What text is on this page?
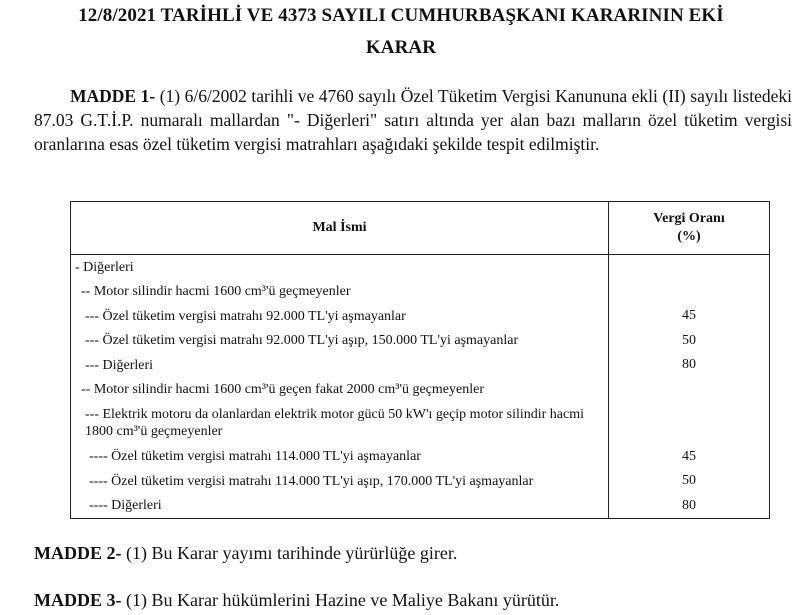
12/8/2021 TARİHLİ VE 4373 SAYILI CUMHURBAŞKANI KARARININ EKİ
KARAR
MADDE 1- (1) 6/6/2002 tarihli ve 4760 sayılı Özel Tüketim Vergisi Kanununa ekli (II) sayılı listedeki 87.03 G.T.İ.P. numaralı mallardan "- Diğerleri" satırı altında yer alan bazı malların özel tüketim vergisi oranlarına esas özel tüketim vergisi matrahları aşağıdaki şekilde tespit edilmiştir.
Mal İsmi	Vergi Oranı
(%)
- Diğerleri	
-- Motor silindir hacmi 1600 cm³'ü geçmeyenler	
--- Özel tüketim vergisi matrahı 92.000 TL'yi aşmayanlar	45
--- Özel tüketim vergisi matrahı 92.000 TL'yi aşıp, 150.000 TL'yi aşmayanlar	50
--- Diğerleri	80
-- Motor silindir hacmi 1600 cm³'ü geçen fakat 2000 cm³'ü geçmeyenler	
--- Elektrik motoru da olanlardan elektrik motor gücü 50 kW'ı geçip motor silindir hacmi 1800 cm³'ü geçmeyenler	
---- Özel tüketim vergisi matrahı 114.000 TL'yi aşmayanlar	45
---- Özel tüketim vergisi matrahı 114.000 TL'yi aşıp, 170.000 TL'yi aşmayanlar	50
---- Diğerleri	80
MADDE 2- (1) Bu Karar yayımı tarihinde yürürlüğe girer.
MADDE 3- (1) Bu Karar hükümlerini Hazine ve Maliye Bakanı yürütür.
